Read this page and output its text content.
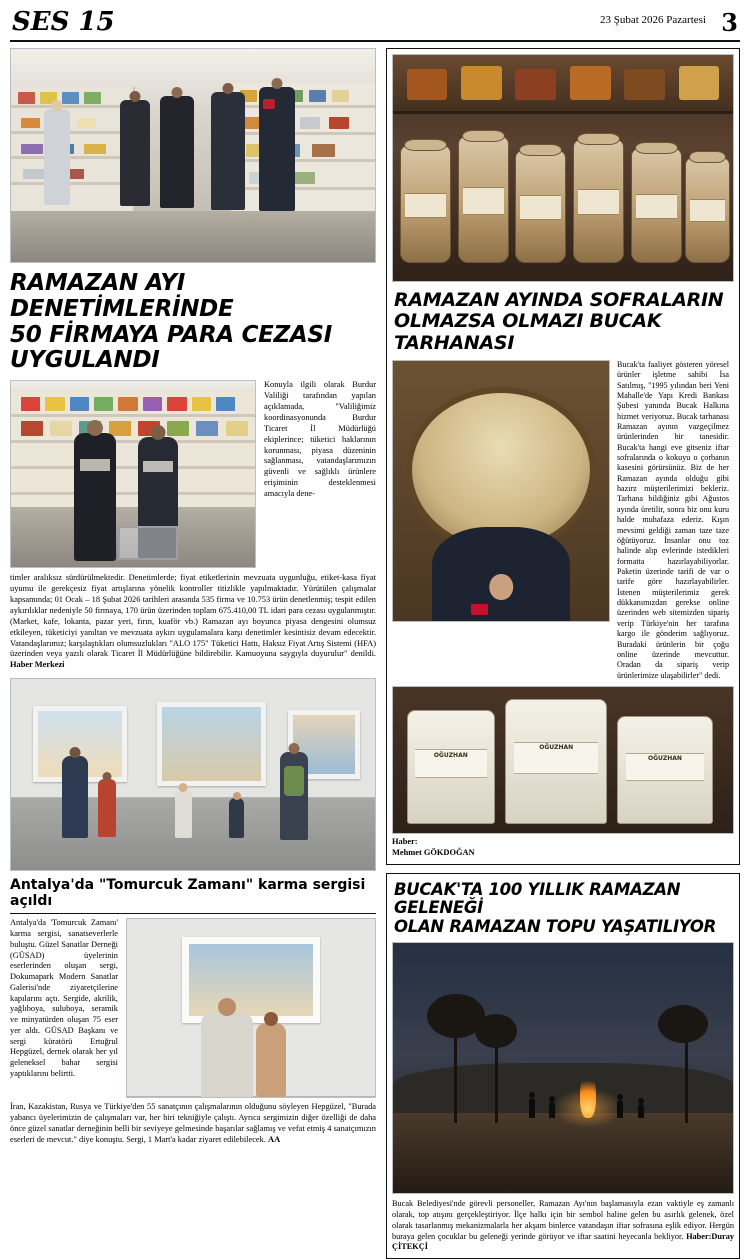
SES 15	23 Şubat 2026 Pazartesi 3
RAMAZAN AYI DENETİMLERİNDE
50 FİRMAYA PARA CEZASI UYGULANDI
Konuyla ilgili olarak Burdur Valiliği tarafından yapılan açıklamada, "Valiliğimiz koordinasyonunda Burdur Ticaret İl Müdürlüğü ekiplerince; tüketici haklarının korunması, piyasa düzeninin sağlanması, vatandaşlarımızın güvenli ve sağlıklı ürünlere erişiminin desteklenmesi amacıyla dene-
timler aralıksız sürdürülmektedir. Denetimlerde; fiyat etiketlerinin mevzuata uygunluğu, etiket-kasa fiyat uyumu ile gerekçesiz fiyat artışlarına yönelik kontroller titizlikle yapılmaktadır. Yürütülen çalışmalar kapsamında; 01 Ocak – 18 Şubat 2026 tarihleri arasında 535 firma ve 10.753 ürün denetlenmiş; tespit edilen aykırılıklar nedeniyle 50 firmaya, 170 ürün üzerinden toplam 675.410,00 TL idari para cezası uygulanmıştır. (Market, kafe, lokanta, pazar yeri, fırın, kuaför vb.) Ramazan ayı boyunca piyasa dengesini olumsuz etkileyen, tüketiciyi yanıltan ve mevzuata aykırı uygulamalara karşı denetimler kesintisiz devam edecektir. Vatandaşlarımız; karşılaştıkları olumsuzlukları "ALO 175" Tüketici Hattı, Haksız Fiyat Artış Sistemi (HFA) üzerinden veya yazılı olarak Ticaret İl Müdürlüğüne bildirebilir. Kamuoyuna saygıyla duyurulur" denildi. Haber Merkezi
Antalya'da "Tomurcuk Zamanı" karma sergisi açıldı
Antalya'da 'Tomurcuk Zamanı' karma sergisi, sanatseverlerle buluştu. Güzel Sanatlar Derneği (GÜSAD) üyelerinin eserlerinden oluşan sergi, Dokumapark Modern Sanatlar Galerisi'nde ziyaretçilerine kapılarını açtı. Sergide, akrilik, yağlıboya, suluboya, seramik ve minyatürden oluşan 75 eser yer aldı. GÜSAD Başkanı ve sergi küratörü Ertuğrul Hepgüzel, dernek olarak her yıl geleneksel bahar sergisi yaptıklarını belirtti.
İran, Kazakistan, Rusya ve Türkiye'den 55 sanatçının çalışmalarının olduğunu söyleyen Hepgüzel, "Burada yabancı üyelerimizin de çalışmaları var, her biri tekniğiyle çalıştı. Ayrıca sergimizin diğer özelliği de daha önce güzel sanatlar derneğinin belli bir seviyeye gelmesinde başarılar sağlamış ve vefat etmiş 4 sanatçımızın eserleri de mevcut." diye konuştu. Sergi, 1 Mart'a kadar ziyaret edilebilecek. AA
RAMAZAN AYINDA SOFRALARIN
OLMAZSA OLMAZI BUCAK TARHANASI
Bucak'ta faaliyet gösteren yöresel ürünler işletme sahibi İsa Satılmış, "1995 yılından beri Yeni Mahalle'de Yapı Kredi Bankası Şubesi yanında Bucak Halkına hizmet veriyoruz. Bucak tarhanası Ramazan ayının vazgeçilmez ürünlerinden bir tanesidir. Bucak'ta hangi eve gitseniz iftar sofralarında o kokuyu o çorbanın kasesini görürsünüz. Biz de her Ramazan ayında olduğu gibi hazırz müşterilerimizi bekleriz. Tarhana bildiğiniz gibi Ağustos ayında üretilir, sonra biz onu kuru halde muhafaza ederiz. Kışın mevsimi geldiği zaman taze taze öğütüyoruz. İnsanlar onu toz halinde alıp evlerinde istedikleri formatta hazırlayabiliyorlar. Paketin üzerinde tarifi de var o tarife göre hazırlayabilirler. İstenen müşterilerimiz gerek dükkanımızdan gerekse online üzerinden web sitemizden sipariş verip Türkiye'nin her tarafına kargo ile gönderim sağlıyoruz. Buradaki ürünlerin bir çoğu online üzerinde mevcuttur. Oradan da sipariş verip ürünlerimize ulaşabilirler" dedi.
OĞUZHAN
OĞUZHAN
OĞUZHAN
Haber:
Mehmet GÖKDOĞAN
BUCAK'TA 100 YILLIK RAMAZAN GELENEĞİ
OLAN RAMAZAN TOPU YAŞATILIYOR
Bucak Belediyesi'nde görevli personeller, Ramazan Ayı'nın başlamasıyla ezan vaktiyle eş zamanlı olarak, top atışını gerçekleştiriyor. İlçe halkı için bir sembol haline gelen bu asırlık gelenek, özel olarak tasarlanmış mekanizmalarla her akşam binlerce vatandaşın iftar sofrasına eşlik ediyor. Hergün buraya gelen çocuklar bu geleneği yerinde görüyor ve iftar saatini heyecanla bekliyor. Haber:Duray ÇİTEKÇİ
